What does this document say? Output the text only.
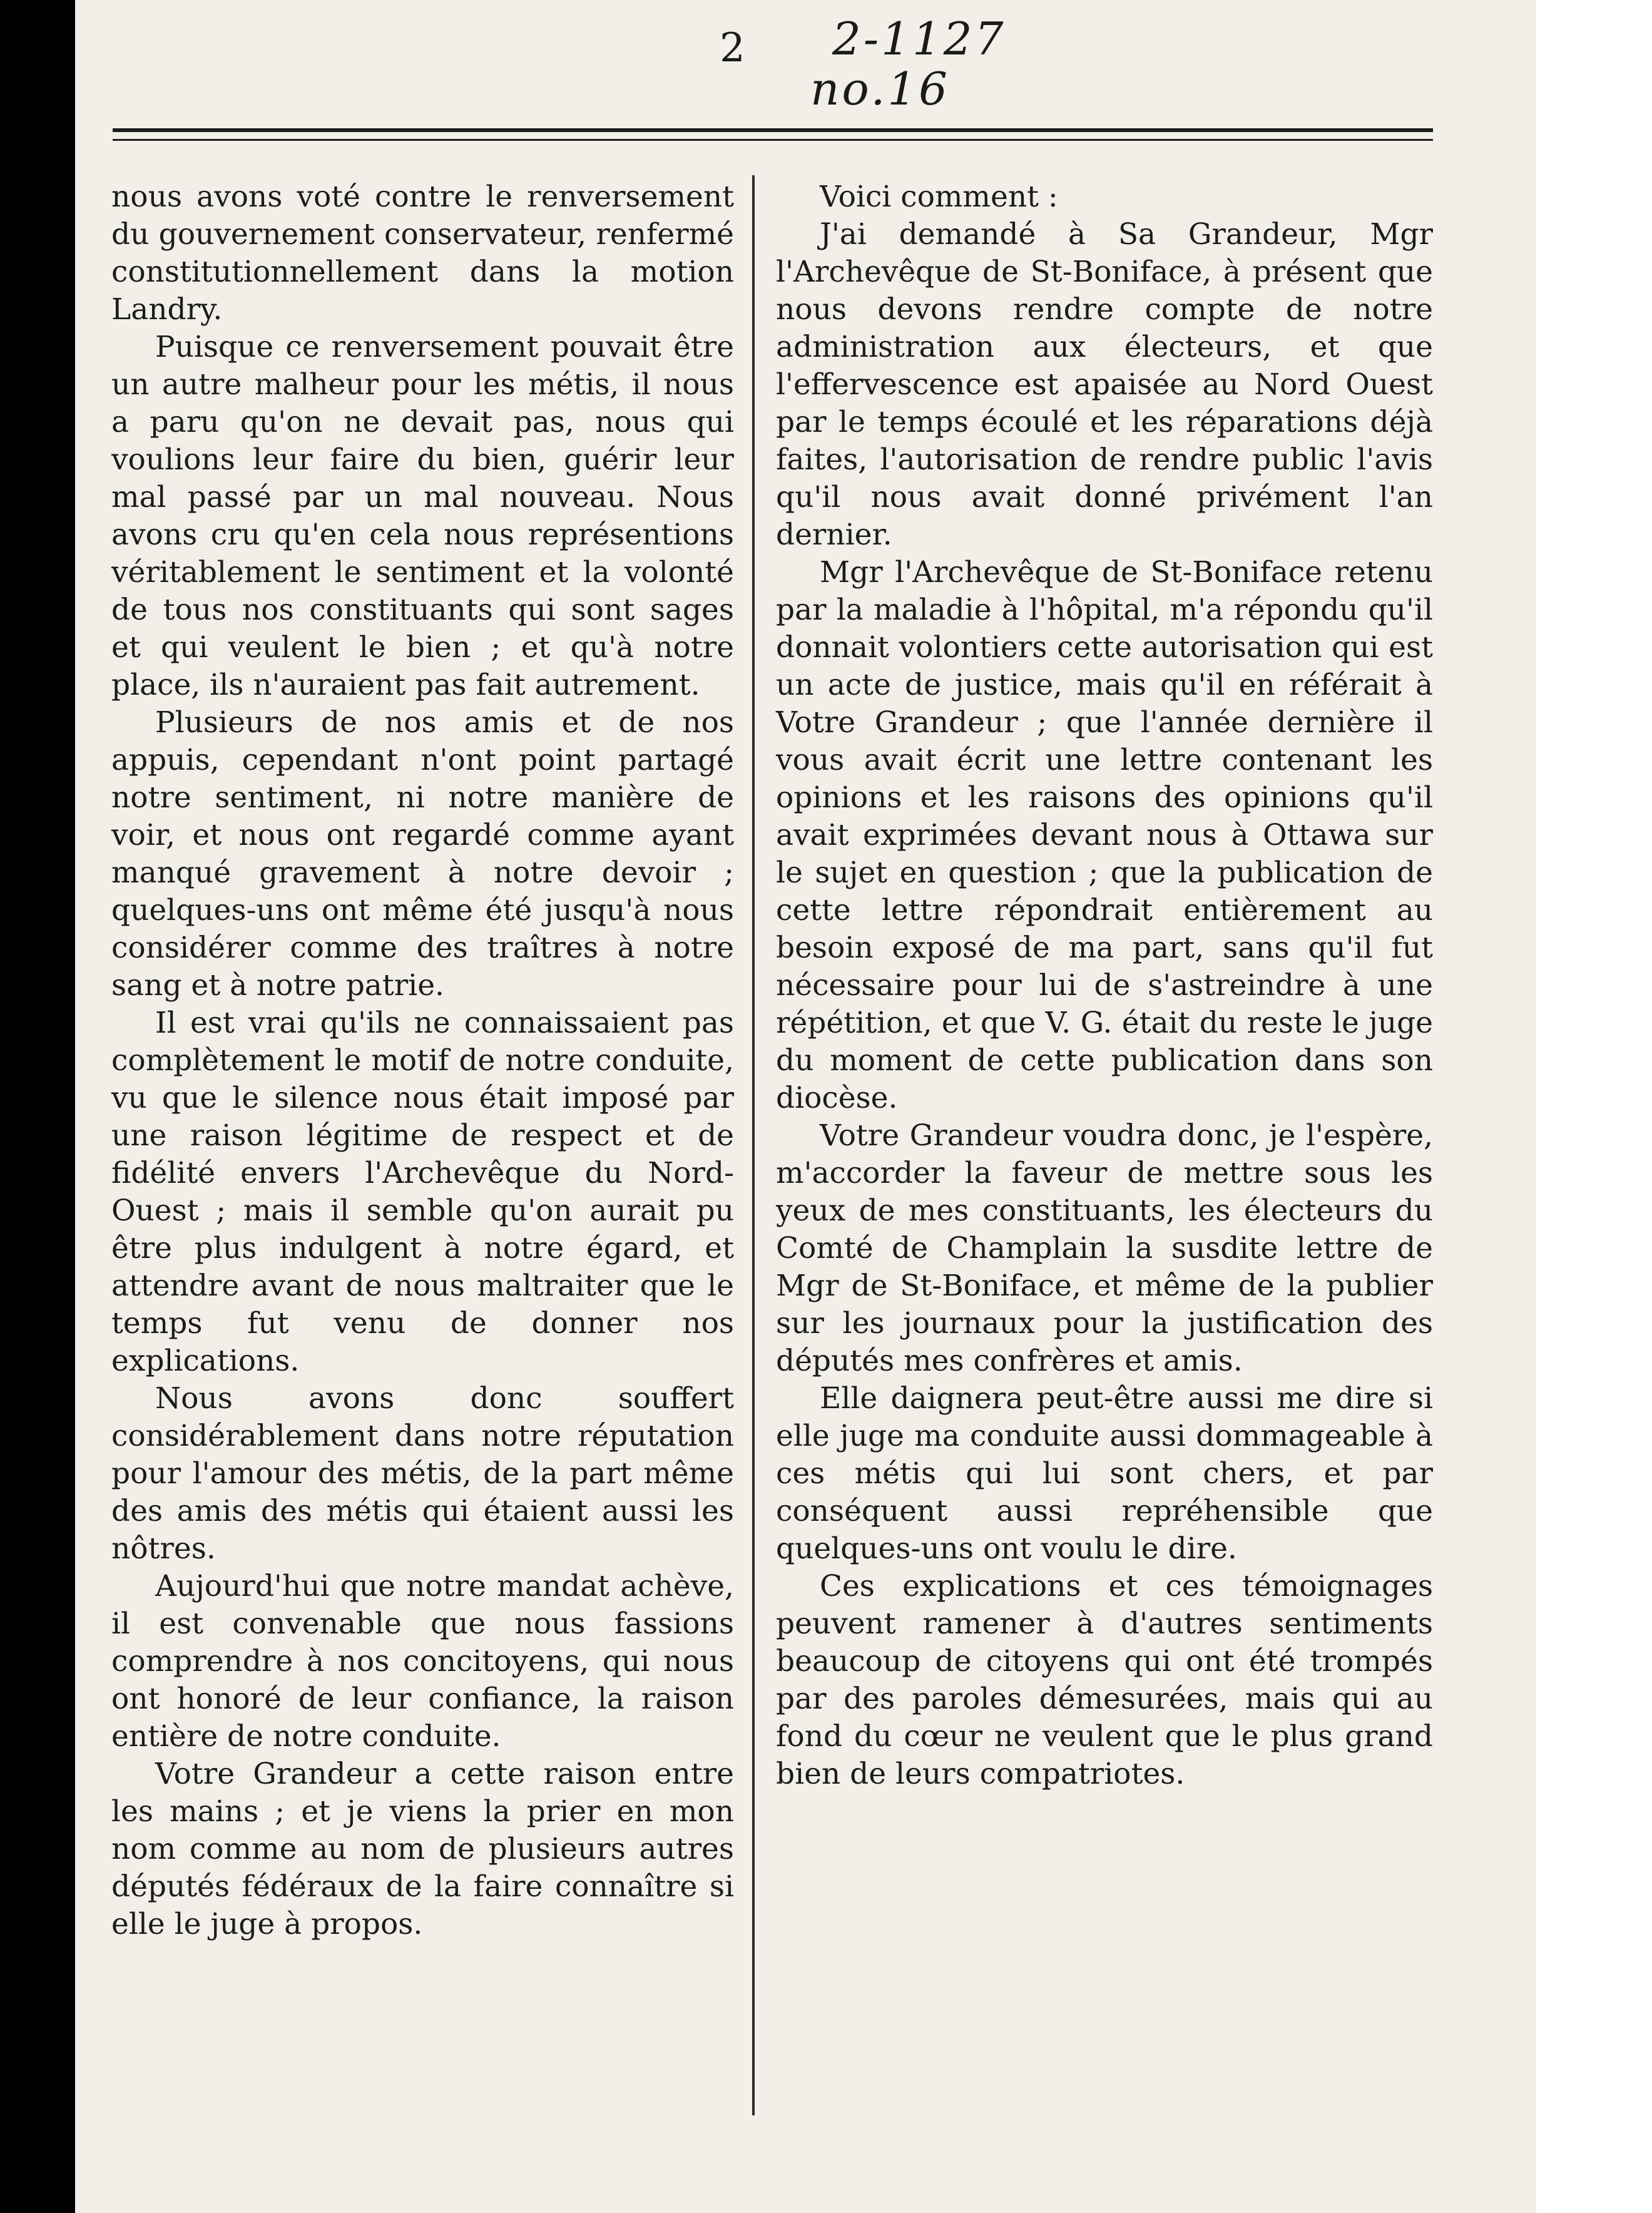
2 2-1127
no.16

nous avons voté contre le renversement du gouvernement conservateur, renfermé constitutionnellement dans la motion Landry.

Puisque ce renversement pouvait être un autre malheur pour les métis, il nous a paru qu'on ne devait pas, nous qui voulions leur faire du bien, guérir leur mal passé par un mal nouveau. Nous avons cru qu'en cela nous représentions véritablement le sentiment et la volonté de tous nos constituants qui sont sages et qui veulent le bien ; et qu'à notre place, ils n'auraient pas fait autrement.

Plusieurs de nos amis et de nos appuis, cependant n'ont point partagé notre sentiment, ni notre manière de voir, et nous ont regardé comme ayant manqué gravement à notre devoir ; quelques-uns ont même été jusqu'à nous considérer comme des traîtres à notre sang et à notre patrie.

Il est vrai qu'ils ne connaissaient pas complètement le motif de notre conduite, vu que le silence nous était imposé par une raison légitime de respect et de fidélité envers l'Archevêque du Nord-Ouest ; mais il semble qu'on aurait pu être plus indulgent à notre égard, et attendre avant de nous maltraiter que le temps fut venu de donner nos explications.

Nous avons donc souffert considérablement dans notre réputation pour l'amour des métis, de la part même des amis des métis qui étaient aussi les nôtres.

Aujourd'hui que notre mandat achève, il est convenable que nous fassions comprendre à nos concitoyens, qui nous ont honoré de leur confiance, la raison entière de notre conduite.

Votre Grandeur a cette raison entre les mains ; et je viens la prier en mon nom comme au nom de plusieurs autres députés fédéraux de la faire connaître si elle le juge à propos.

Voici comment :

J'ai demandé à Sa Grandeur, Mgr l'Archevêque de St-Boniface, à présent que nous devons rendre compte de notre administration aux électeurs, et que l'effervescence est apaisée au Nord Ouest par le temps écoulé et les réparations déjà faites, l'autorisation de rendre public l'avis qu'il nous avait donné privément l'an dernier.

Mgr l'Archevêque de St-Boniface retenu par la maladie à l'hôpital, m'a répondu qu'il donnait volontiers cette autorisation qui est un acte de justice, mais qu'il en référait à Votre Grandeur ; que l'année dernière il vous avait écrit une lettre contenant les opinions et les raisons des opinions qu'il avait exprimées devant nous à Ottawa sur le sujet en question ; que la publication de cette lettre répondrait entièrement au besoin exposé de ma part, sans qu'il fut nécessaire pour lui de s'astreindre à une répétition, et que V. G. était du reste le juge du moment de cette publication dans son diocèse.

Votre Grandeur voudra donc, je l'espère, m'accorder la faveur de mettre sous les yeux de mes constituants, les électeurs du Comté de Champlain la susdite lettre de Mgr de St-Boniface, et même de la publier sur les journaux pour la justification des députés mes confrères et amis.

Elle daignera peut-être aussi me dire si elle juge ma conduite aussi dommageable à ces métis qui lui sont chers, et par conséquent aussi repréhensible que quelques-uns ont voulu le dire.

Ces explications et ces témoignages peuvent ramener à d'autres sentiments beaucoup de citoyens qui ont été trompés par des paroles démesurées, mais qui au fond du cœur ne veulent que le plus grand bien de leurs compatriotes.
